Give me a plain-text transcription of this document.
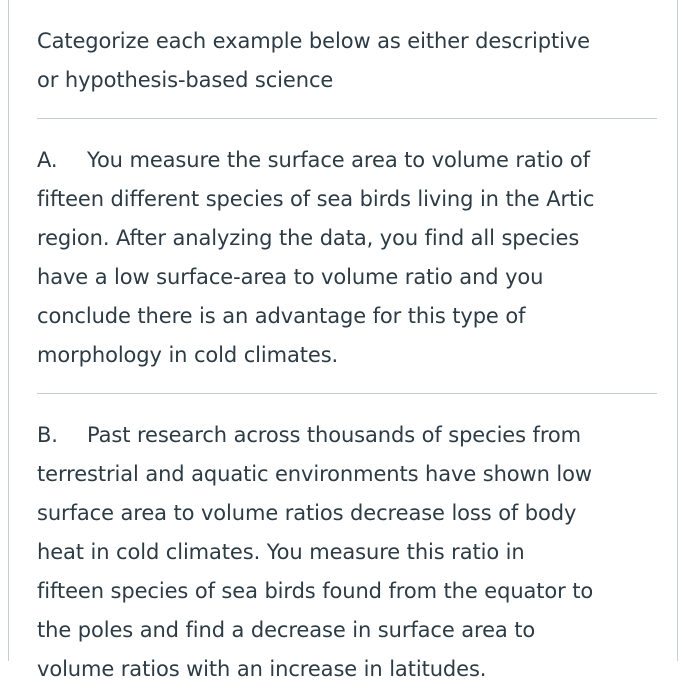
Categorize each example below as either descriptive

or hypothesis-based science

A. You measure the surface area to volume ratio of

fifteen different species of sea birds living in the Artic

region. After analyzing the data, you find all species

have a low surface-area to volume ratio and you

conclude there is an advantage for this type of

morphology in cold climates.

B. Past research across thousands of species from

terrestrial and aquatic environments have shown low

surface area to volume ratios decrease loss of body

heat in cold climates. You measure this ratio in

fifteen species of sea birds found from the equator to

the poles and find a decrease in surface area to

volume ratios with an increase in latitudes.
